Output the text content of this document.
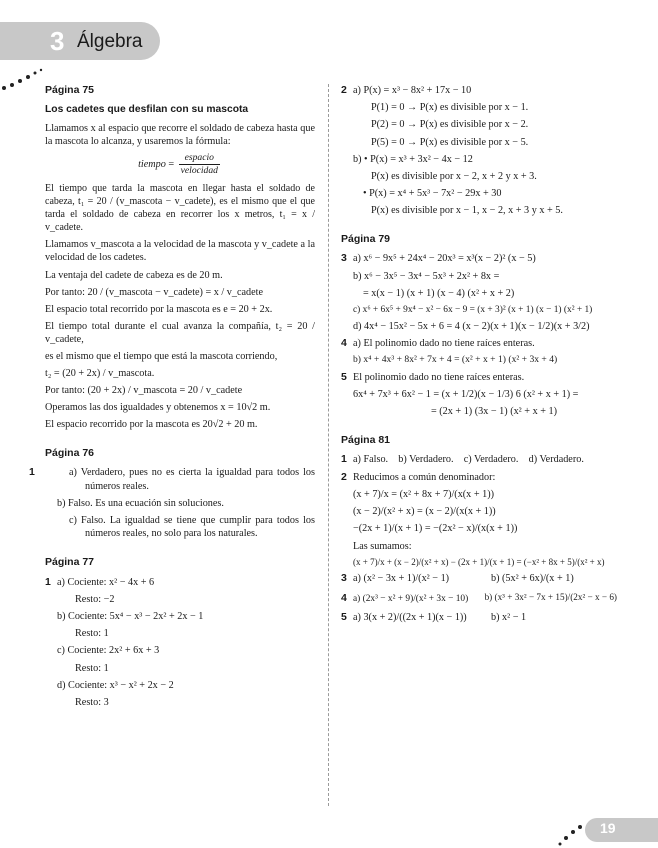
3 Álgebra
Página 75
Los cadetes que desfilan con su mascota

Llamamos x al espacio que recorre el soldado de cabeza hasta que la mascota lo alcanza, y usaremos la fórmula:

tiempo = $\frac{\text{espacio}}{\text{velocidad}}$

El tiempo que tarda la mascota en llegar hasta el soldado de cabeza, t₁ = 20 / (v_mascota − v_cadete), es el mismo que el que tarda el soldado de cabeza en recorrer los x metros, t₁ = x / v_cadete.

Llamamos v_mascota a la velocidad de la mascota y v_cadete a la velocidad de los cadetes.

La ventaja del cadete de cabeza es de 20 m.

Por tanto: 20 / (v_mascota − v_cadete) = x / v_cadete

El espacio total recorrido por la mascota es e = 20 + 2x.

El tiempo total durante el cual avanza la compañía, t₂ = 20 / v_cadete,

es el mismo que el tiempo que está la mascota corriendo,

t₂ = (20 + 2x) / v_mascota.

Por tanto: (20 + 2x) / v_mascota = 20 / v_cadete

Operamos las dos igualdades y obtenemos x = 10√2 m.

El espacio recorrido por la mascota es 20√2 + 20 m.

Página 76

1	a) Verdadero, pues no es cierta la igualdad para todos los números reales.

b) Falso. Es una ecuación sin soluciones.

c) Falso. La igualdad se tiene que cumplir para todos los números reales, no solo para los naturales.

Página 77
1 a) Cociente: x² − 4x + 6
Resto: −2
b) Cociente: 5x⁴ − x³ − 2x² + 2x − 1
Resto: 1
c) Cociente: 2x² + 6x + 3
Resto: 1
d) Cociente: x³ − x² + 2x − 2
Resto: 3
2 a) P(x) = x³ − 8x² + 17x − 10
P(1) = 0 → P(x) es divisible por x − 1.
P(2) = 0 → P(x) es divisible por x − 2.
P(5) = 0 → P(x) es divisible por x − 5.
b) • P(x) = x³ + 3x² − 4x − 12
P(x) es divisible por x − 2, x + 2 y x + 3.
• P(x) = x⁴ + 5x³ − 7x² − 29x + 30
P(x) es divisible por x − 1, x − 2, x + 3 y x + 5.
Página 79
3 a) x⁶ − 9x⁵ + 24x⁴ − 20x³ = x³(x − 2)² (x − 5)
b) x⁶ − 3x⁵ − 3x⁴ − 5x³ + 2x² + 8x =
= x(x − 1) (x + 1) (x − 4) (x² + x + 2)
c) x⁶ + 6x⁵ + 9x⁴ − x² − 6x − 9 = (x + 3)² (x + 1) (x − 1) (x² + 1)
d) 4x⁴ − 15x² − 5x + 6 = 4 (x − 2)(x + 1)(x − 1/2)(x + 3/2)
4 a) El polinomio dado no tiene raíces enteras.
b) x⁴ + 4x³ + 8x² + 7x + 4 = (x² + x + 1) (x² + 3x + 4)
5 El polinomio dado no tiene raíces enteras.
6x⁴ + 7x³ + 6x² − 1 = (x + 1/2)(x − 1/3) 6 (x² + x + 1) =
= (2x + 1) (3x − 1) (x² + x + 1)
Página 81
1 a) Falso. b) Verdadero. c) Verdadero. d) Verdadero.
2 Reducimos a común denominador:
(x + 7)/x = (x² + 8x + 7)/(x(x + 1))
(x − 2)/(x² + x) = (x − 2)/(x(x + 1))
−(2x + 1)/(x + 1) = −(2x² − x)/(x(x + 1))
Las sumamos:
(x + 7)/x + (x − 2)/(x² + x) − (2x + 1)/(x + 1) = (−x² + 8x + 5)/(x² + x)
3 a) (x² − 3x + 1)/(x² − 1)	b) (5x² + 6x)/(x + 1)
4 a) (2x³ − x² + 9)/(x² + 3x − 10)	b) (x³ + 3x² − 7x + 15)/(2x² − x − 6)
5 a) 3(x + 2)/((2x + 1)(x − 1))	b) x² − 1
19
